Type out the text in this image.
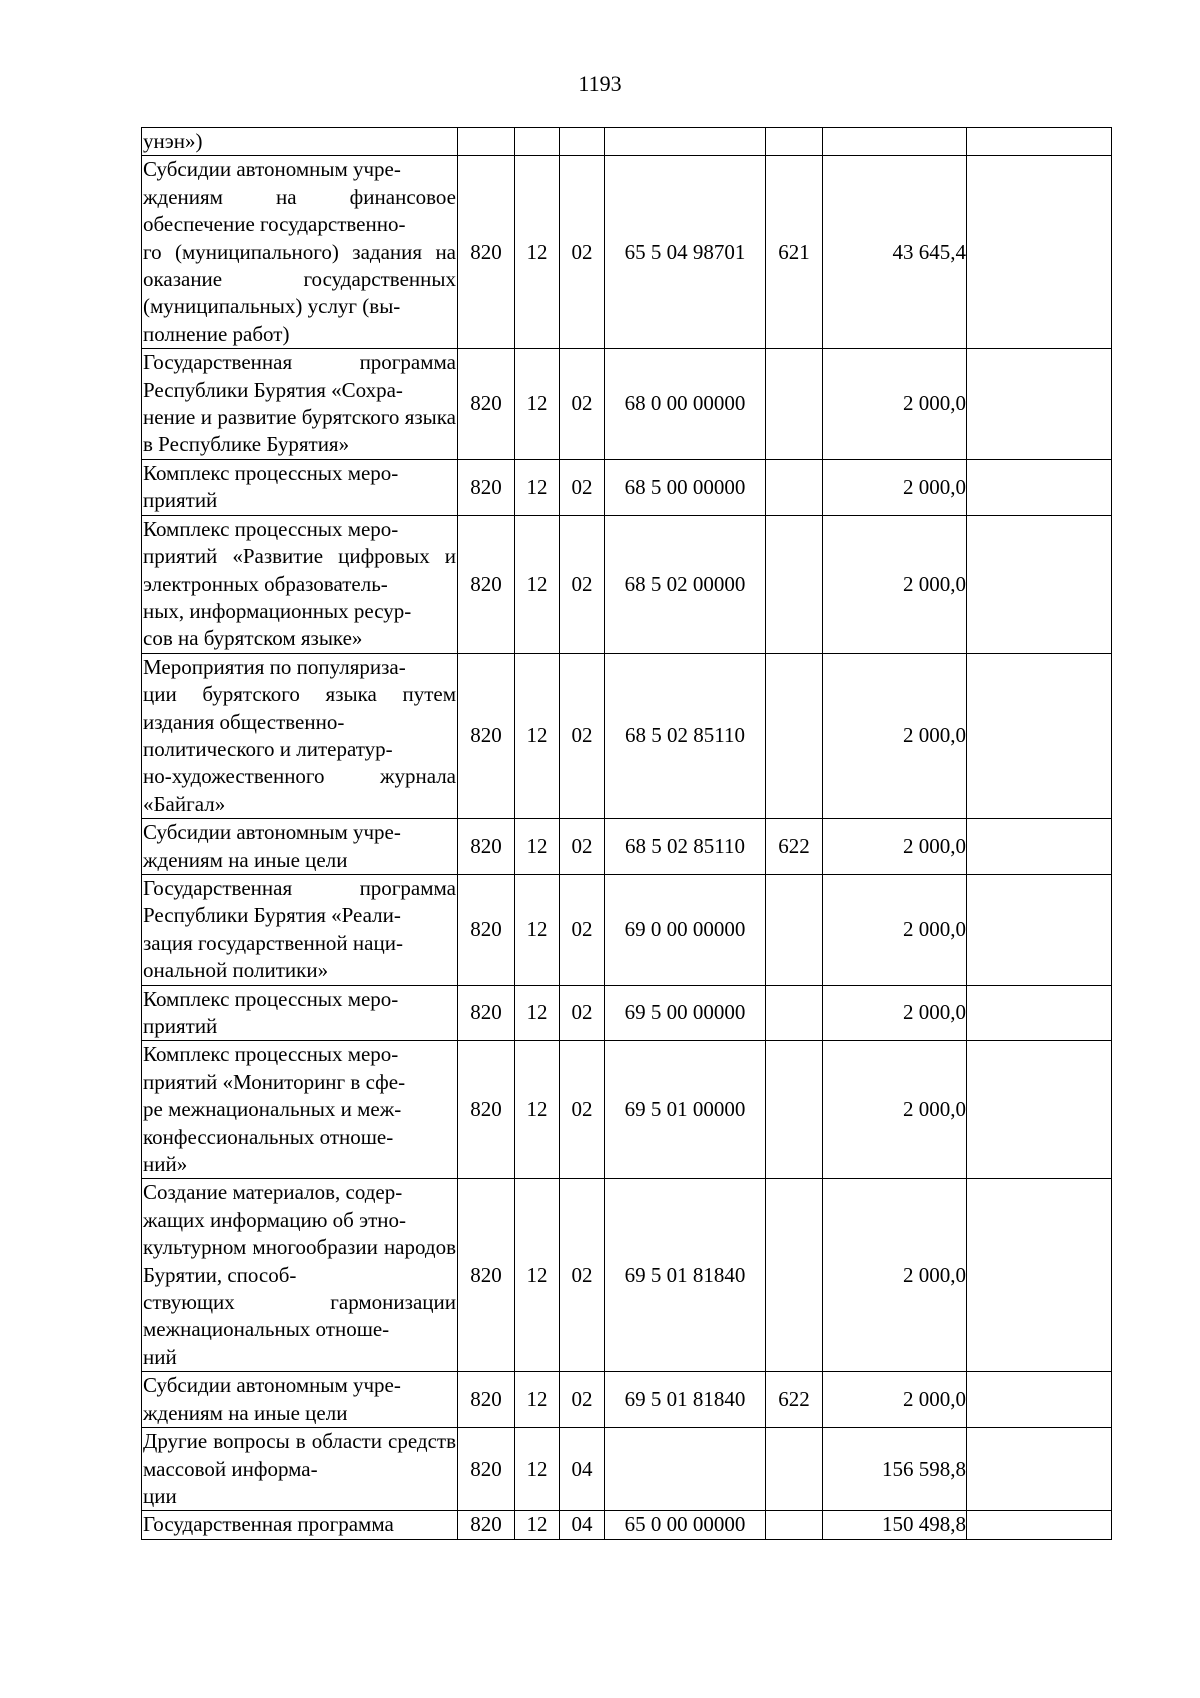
1193
унэн»)							
Субсидии автономным учре-
ждениям на финансовое обеспечение государственно-
го (муниципального) задания на оказание государственных (муниципальных) услуг (вы-
полнение работ)	820	12	02	65 5 04 98701	621	43 645,4	
Государственная программа Республики Бурятия «Сохра-
нение и развитие бурятского языка в Республике Бурятия»	820	12	02	68 0 00 00000		2 000,0	
Комплекс процессных меро-
приятий	820	12	02	68 5 00 00000		2 000,0	
Комплекс процессных меро-
приятий «Развитие цифровых и электронных образователь-
ных, информационных ресур-
сов на бурятском языке»	820	12	02	68 5 02 00000		2 000,0	
Мероприятия по популяриза-
ции бурятского языка путем издания общественно-
политического и литератур-
но-художественного журнала «Байгал»	820	12	02	68 5 02 85110		2 000,0	
Субсидии автономным учре-
ждениям на иные цели	820	12	02	68 5 02 85110	622	2 000,0	
Государственная программа Республики Бурятия «Реали-
зация государственной наци-
ональной политики»	820	12	02	69 0 00 00000		2 000,0	
Комплекс процессных меро-
приятий	820	12	02	69 5 00 00000		2 000,0	
Комплекс процессных меро-
приятий «Мониторинг в сфе-
ре межнациональных и меж-
конфессиональных отноше-
ний»	820	12	02	69 5 01 00000		2 000,0	
Создание материалов, содер-
жащих информацию об этно-
культурном многообразии народов Бурятии, способ-
ствующих гармонизации межнациональных отноше-
ний	820	12	02	69 5 01 81840		2 000,0	
Субсидии автономным учре-
ждениям на иные цели	820	12	02	69 5 01 81840	622	2 000,0	
Другие вопросы в области средств массовой информа-
ции	820	12	04			156 598,8	
Государственная программа	820	12	04	65 0 00 00000		150 498,8	
